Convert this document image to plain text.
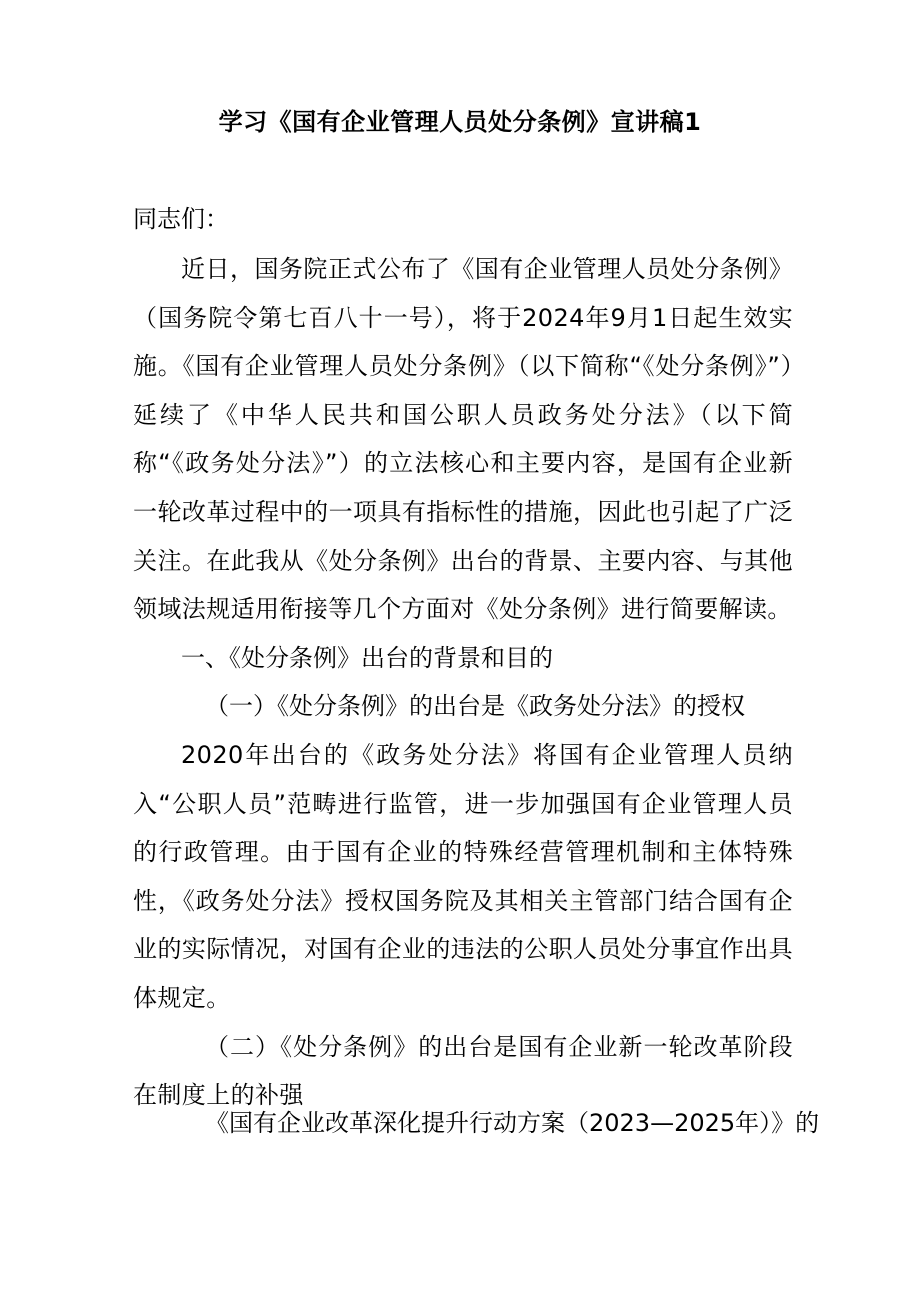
学习《国有企业管理人员处分条例》宣讲稿1
同志们：

近日，国务院正式公布了《国有企业管理人员处分条例》（国务院令第七百八十一号），将于2024年9月1日起生效实施。《国有企业管理人员处分条例》（以下简称“《处分条例》”）延续了《中华人民共和国公职人员政务处分法》（以下简称“《政务处分法》”）的立法核心和主要内容，是国有企业新一轮改革过程中的一项具有指标性的措施，因此也引起了广泛关注。在此我从《处分条例》出台的背景、主要内容、与其他领域法规适用衔接等几个方面对《处分条例》进行简要解读。

一、《处分条例》出台的背景和目的

（一）《处分条例》的出台是《政务处分法》的授权

2020年出台的《政务处分法》将国有企业管理人员纳入“公职人员”范畴进行监管，进一步加强国有企业管理人员的行政管理。由于国有企业的特殊经营管理机制和主体特殊性，《政务处分法》授权国务院及其相关主管部门结合国有企业的实际情况，对国有企业的违法的公职人员处分事宜作出具体规定。

（二）《处分条例》的出台是国有企业新一轮改革阶段在制度上的补强

《国有企业改革深化提升行动方案（2023—2025年）》的
